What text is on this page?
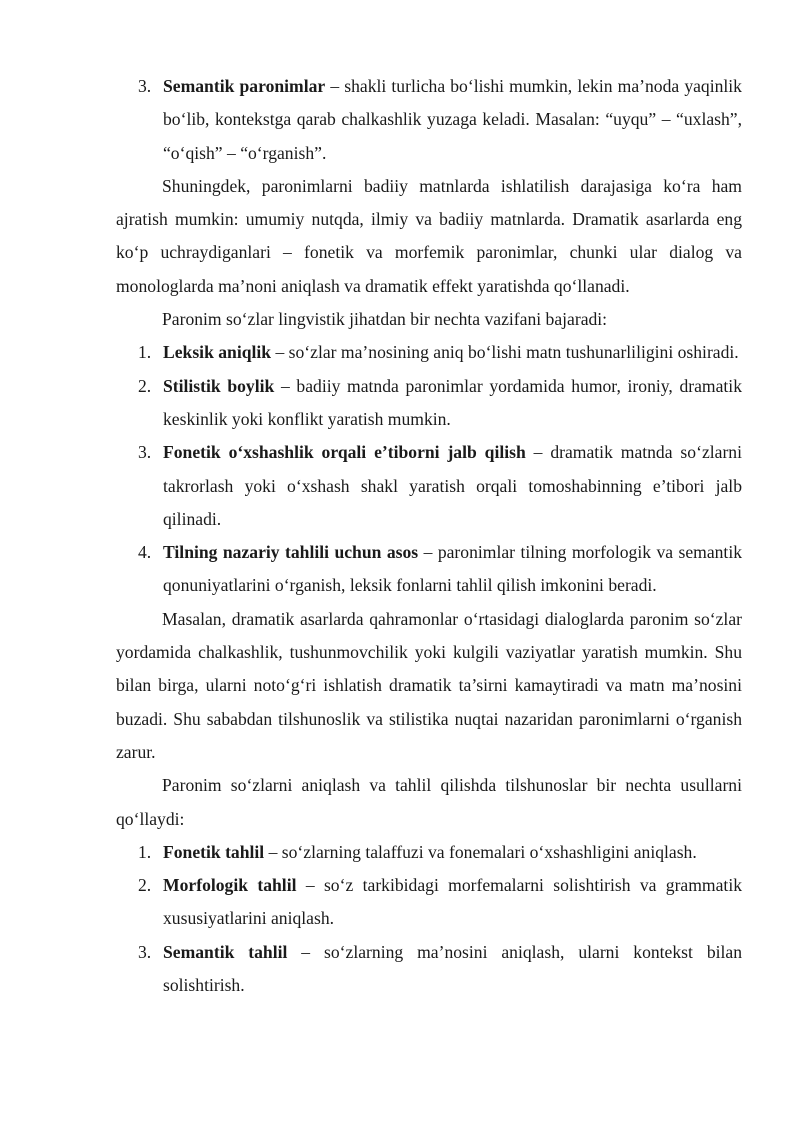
3. Semantik paronimlar – shakli turlicha bo‘lishi mumkin, lekin ma’noda yaqinlik bo‘lib, kontekstga qarab chalkashlik yuzaga keladi. Masalan: “uyqu” – “uxlash”, “o‘qish” – “o‘rganish”.

Shuningdek, paronimlarni badiiy matnlarda ishlatilish darajasiga ko‘ra ham ajratish mumkin: umumiy nutqda, ilmiy va badiiy matnlarda. Dramatik asarlarda eng ko‘p uchraydiganlari – fonetik va morfemik paronimlar, chunki ular dialog va monologlarda ma’noni aniqlash va dramatik effekt yaratishda qo‘llanadi.

Paronim so‘zlar lingvistik jihatdan bir nechta vazifani bajaradi:

1. Leksik aniqlik – so‘zlar ma’nosining aniq bo‘lishi matn tushunarliligini oshiradi.

2. Stilistik boylik – badiiy matnda paronimlar yordamida humor, ironiy, dramatik keskinlik yoki konflikt yaratish mumkin.

3. Fonetik o‘xshashlik orqali e’tiborni jalb qilish – dramatik matnda so‘zlarni takrorlash yoki o‘xshash shakl yaratish orqali tomoshabinning e’tibori jalb qilinadi.

4. Tilning nazariy tahlili uchun asos – paronimlar tilning morfologik va semantik qonuniyatlarini o‘rganish, leksik fonlarni tahlil qilish imkonini beradi.

Masalan, dramatik asarlarda qahramonlar o‘rtasidagi dialoglarda paronim so‘zlar yordamida chalkashlik, tushunmovchilik yoki kulgili vaziyatlar yaratish mumkin. Shu bilan birga, ularni noto‘g‘ri ishlatish dramatik ta’sirni kamaytiradi va matn ma’nosini buzadi. Shu sababdan tilshunoslik va stilistika nuqtai nazaridan paronimlarni o‘rganish zarur.

Paronim so‘zlarni aniqlash va tahlil qilishda tilshunoslar bir nechta usullarni qo‘llaydi:

1. Fonetik tahlil – so‘zlarning talaffuzi va fonemalari o‘xshashligini aniqlash.

2. Morfologik tahlil – so‘z tarkibidagi morfemalarni solishtirish va grammatik xususiyatlarini aniqlash.

3. Semantik tahlil – so‘zlarning ma’nosini aniqlash, ularni kontekst bilan solishtirish.
